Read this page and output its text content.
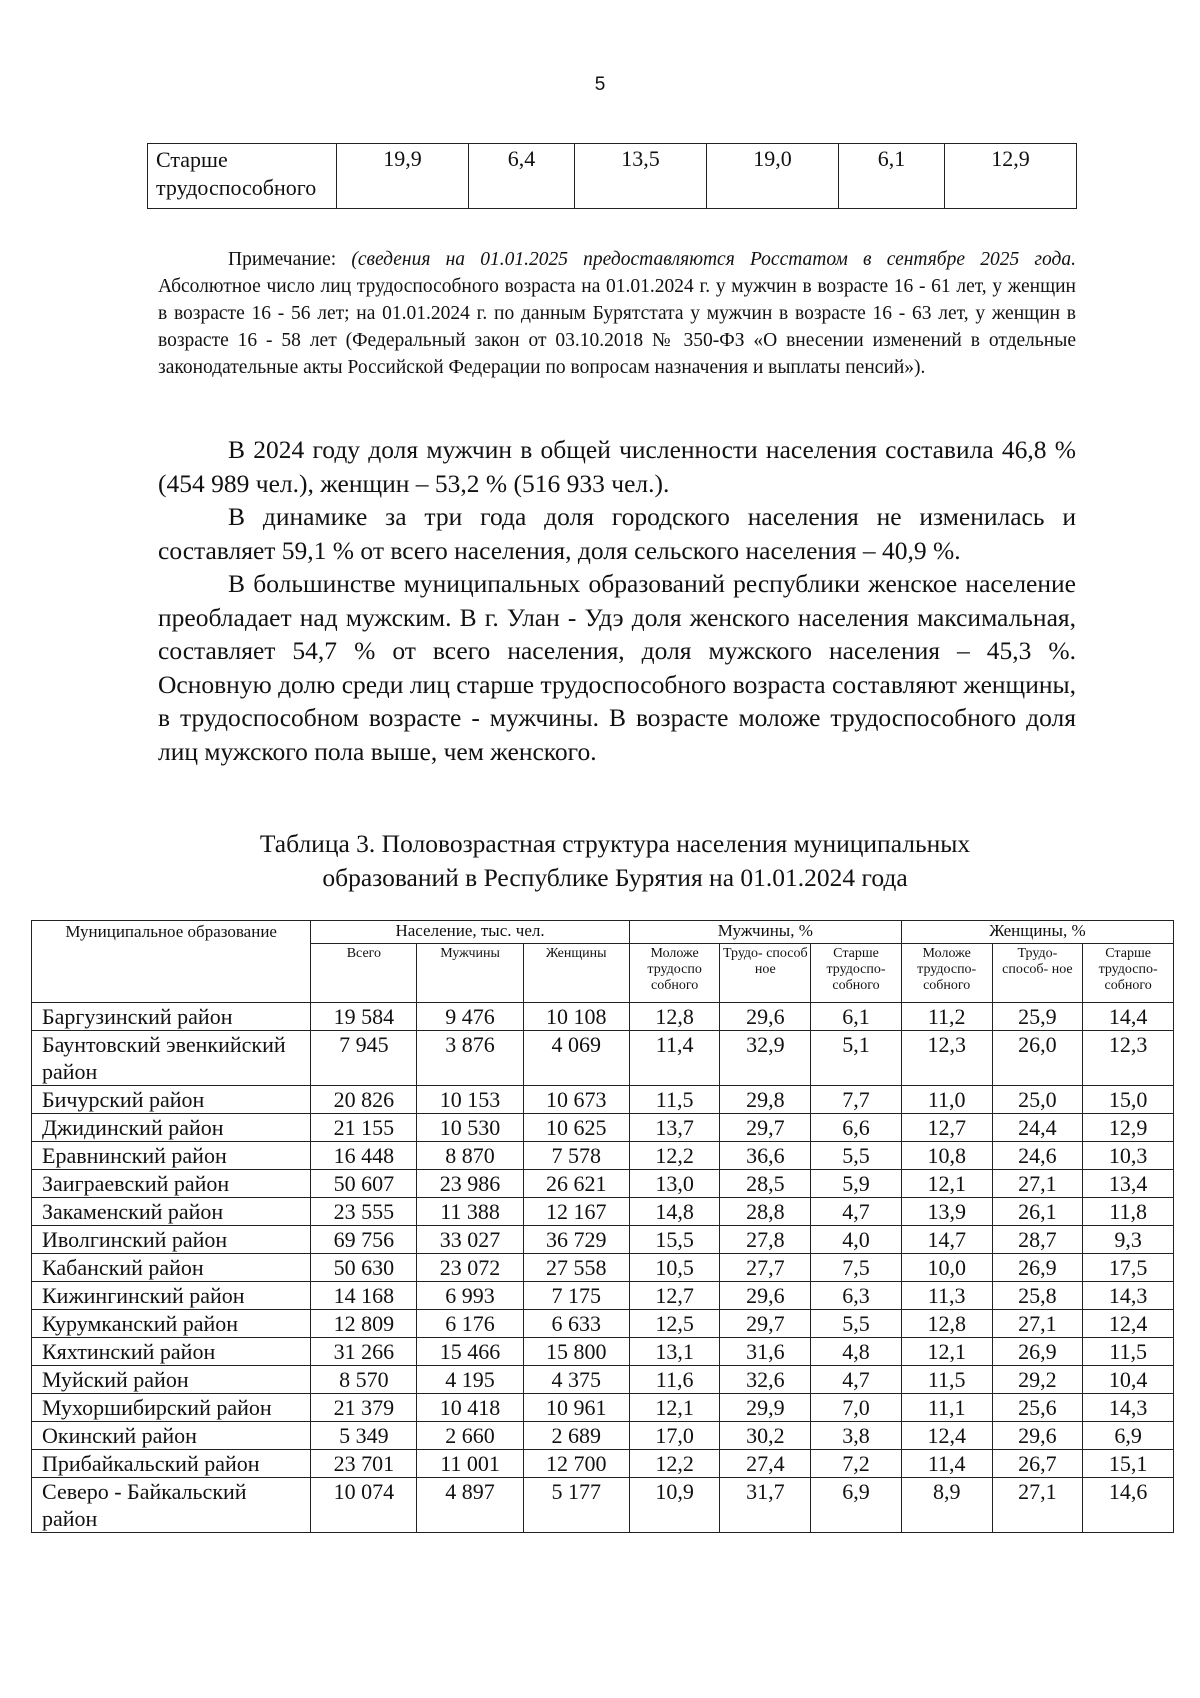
5
Старше трудоспособного	19,9	6,4	13,5	19,0	6,1	12,9
Примечание: (сведения на 01.01.2025 предоставляются Росстатом в сентябре 2025 года. Абсолютное число лиц трудоспособного возраста на 01.01.2024 г. у мужчин в возрасте 16 - 61 лет, у женщин в возрасте 16 - 56 лет; на 01.01.2024 г. по данным Бурятстата у мужчин в возрасте 16 - 63 лет, у женщин в возрасте 16 - 58 лет (Федеральный закон от 03.10.2018 № 350-ФЗ «О внесении изменений в отдельные законодательные акты Российской Федерации по вопросам назначения и выплаты пенсий»).

В 2024 году доля мужчин в общей численности населения составила 46,8 % (454 989 чел.), женщин – 53,2 % (516 933 чел.).

В динамике за три года доля городского населения не изменилась и составляет 59,1 % от всего населения, доля сельского населения – 40,9 %.

В большинстве муниципальных образований республики женское население преобладает над мужским. В г. Улан - Удэ доля женского населения максимальная, составляет 54,7 % от всего населения, доля мужского населения – 45,3 %. Основную долю среди лиц старше трудоспособного возраста составляют женщины, в трудоспособном возрасте - мужчины. В возрасте моложе трудоспособного доля лиц мужского пола выше, чем женского.

Таблица 3. Половозрастная структура населения муниципальных
образований в Республике Бурятия на 01.01.2024 года
Муниципальное образование	Население, тыс. чел.			Мужчины, %			Женщины, %		
	Всего	Мужчины	Женщины	Моложе трудоспо собного	Трудо- способ ное	Старше трудоспо- собного	Моложе трудоспо- собного	Трудо- способ- ное	Старше трудоспо- собного
Баргузинский район	19 584	9 476	10 108	12,8	29,6	6,1	11,2	25,9	14,4
Баунтовский эвенкийский район	7 945	3 876	4 069	11,4	32,9	5,1	12,3	26,0	12,3
Бичурский район	20 826	10 153	10 673	11,5	29,8	7,7	11,0	25,0	15,0
Джидинский район	21 155	10 530	10 625	13,7	29,7	6,6	12,7	24,4	12,9
Еравнинский район	16 448	8 870	7 578	12,2	36,6	5,5	10,8	24,6	10,3
Заиграевский район	50 607	23 986	26 621	13,0	28,5	5,9	12,1	27,1	13,4
Закаменский район	23 555	11 388	12 167	14,8	28,8	4,7	13,9	26,1	11,8
Иволгинский район	69 756	33 027	36 729	15,5	27,8	4,0	14,7	28,7	9,3
Кабанский район	50 630	23 072	27 558	10,5	27,7	7,5	10,0	26,9	17,5
Кижингинский район	14 168	6 993	7 175	12,7	29,6	6,3	11,3	25,8	14,3
Курумканский район	12 809	6 176	6 633	12,5	29,7	5,5	12,8	27,1	12,4
Кяхтинский район	31 266	15 466	15 800	13,1	31,6	4,8	12,1	26,9	11,5
Муйский район	8 570	4 195	4 375	11,6	32,6	4,7	11,5	29,2	10,4
Мухоршибирский район	21 379	10 418	10 961	12,1	29,9	7,0	11,1	25,6	14,3
Окинский район	5 349	2 660	2 689	17,0	30,2	3,8	12,4	29,6	6,9
Прибайкальский район	23 701	11 001	12 700	12,2	27,4	7,2	11,4	26,7	15,1
Северо - Байкальский район	10 074	4 897	5 177	10,9	31,7	6,9	8,9	27,1	14,6
